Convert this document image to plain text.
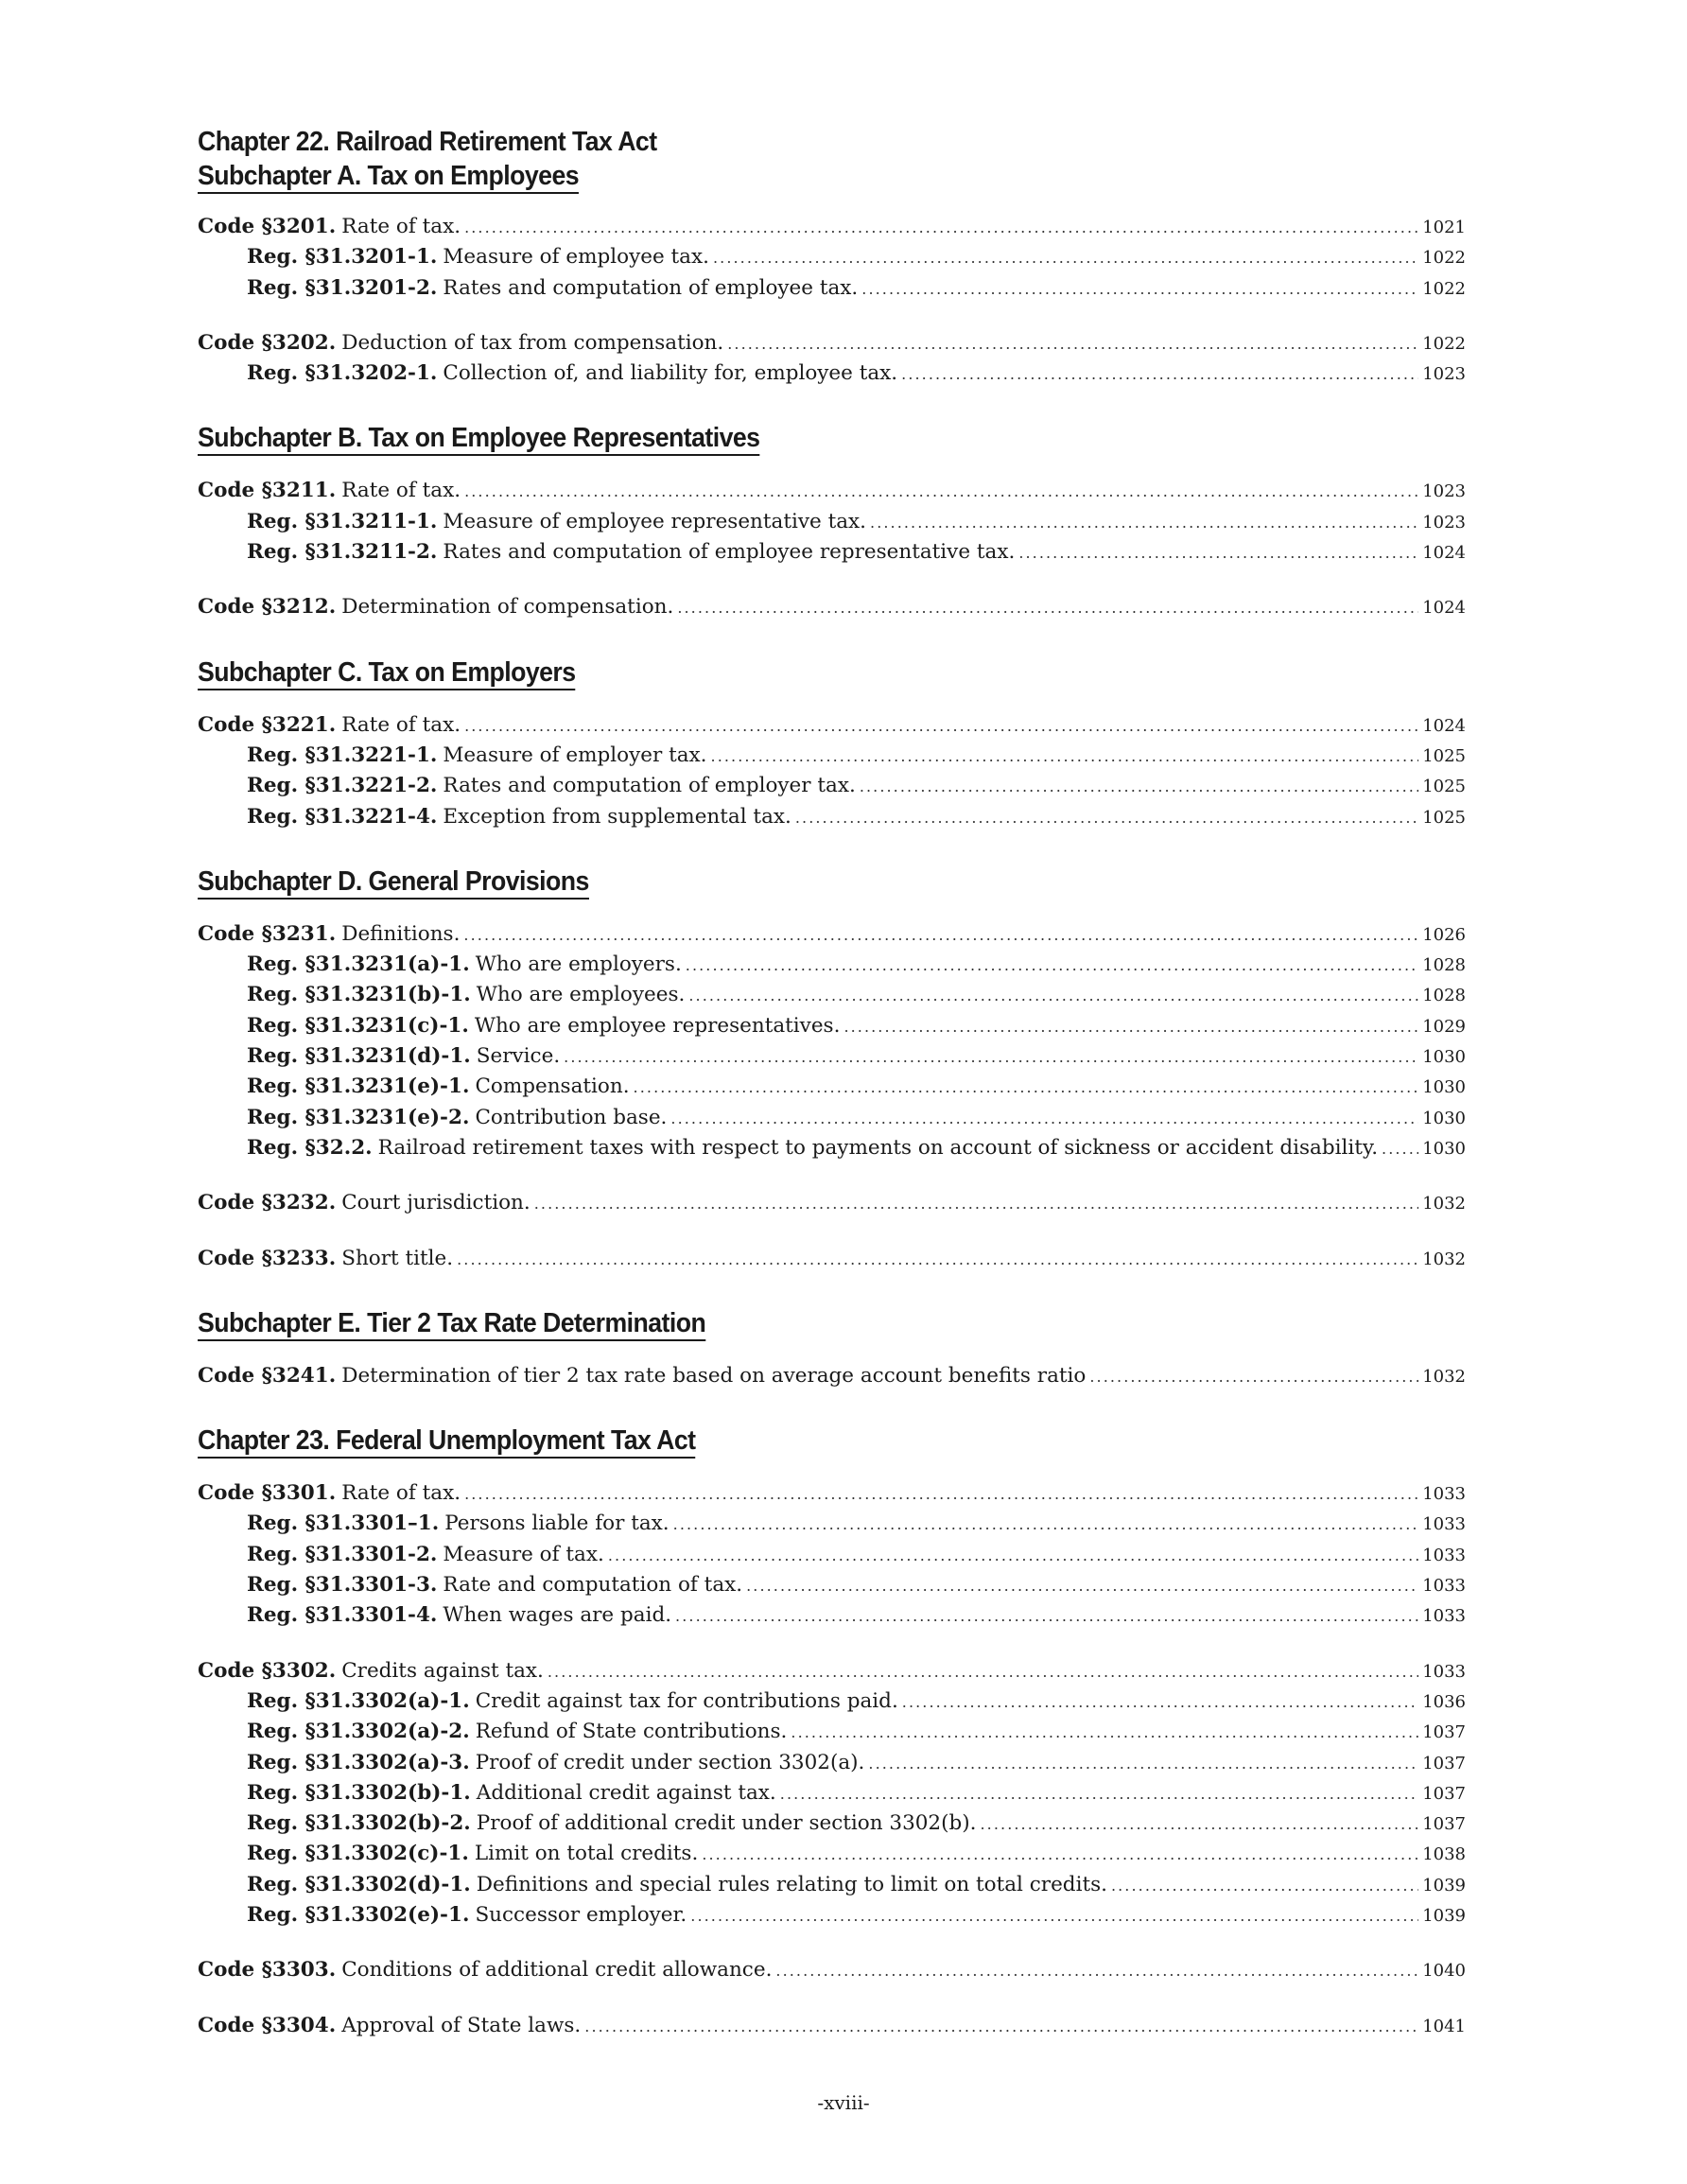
Chapter 22. Railroad Retirement Tax Act
Subchapter A. Tax on Employees
Code §3201. Rate of tax. . . .	1021
Reg. §31.3201-1. Measure of employee tax. . . .	1022
Reg. §31.3201-2. Rates and computation of employee tax. . . .	1022
Code §3202. Deduction of tax from compensation. . . .	1022
Reg. §31.3202-1. Collection of, and liability for, employee tax. . . .	1023
Subchapter B. Tax on Employee Representatives
Code §3211. Rate of tax. . . .	1023
Reg. §31.3211-1. Measure of employee representative tax. . . .	1023
Reg. §31.3211-2. Rates and computation of employee representative tax. . . .	1024
Code §3212. Determination of compensation. . . .	1024
Subchapter C. Tax on Employers
Code §3221. Rate of tax. . . .	1024
Reg. §31.3221-1. Measure of employer tax. . . .	1025
Reg. §31.3221-2. Rates and computation of employer tax. . . .	1025
Reg. §31.3221-4. Exception from supplemental tax. . . .	1025
Subchapter D. General Provisions
Code §3231. Definitions. . . .	1026
Reg. §31.3231(a)-1. Who are employers. . . .	1028
Reg. §31.3231(b)-1. Who are employees. . . .	1028
Reg. §31.3231(c)-1. Who are employee representatives. . . .	1029
Reg. §31.3231(d)-1. Service. . . .	1030
Reg. §31.3231(e)-1. Compensation. . . .	1030
Reg. §31.3231(e)-2. Contribution base. . . .	1030
Reg. §32.2. Railroad retirement taxes with respect to payments on account of sickness or accident disability. . . .	1030
Code §3232. Court jurisdiction. . . .	1032
Code §3233. Short title. . . .	1032
Subchapter E. Tier 2 Tax Rate Determination
Code §3241. Determination of tier 2 tax rate based on average account benefits ratio . . .	1032
Chapter 23. Federal Unemployment Tax Act
Code §3301. Rate of tax. . . .	1033
Reg. §31.3301–1. Persons liable for tax. . . .	1033
Reg. §31.3301-2. Measure of tax. . . .	1033
Reg. §31.3301-3. Rate and computation of tax. . . .	1033
Reg. §31.3301-4. When wages are paid. . . .	1033
Code §3302. Credits against tax. . . .	1033
Reg. §31.3302(a)-1. Credit against tax for contributions paid. . . .	1036
Reg. §31.3302(a)-2. Refund of State contributions. . . .	1037
Reg. §31.3302(a)-3. Proof of credit under section 3302(a). . . .	1037
Reg. §31.3302(b)-1. Additional credit against tax. . . .	1037
Reg. §31.3302(b)-2. Proof of additional credit under section 3302(b). . . .	1037
Reg. §31.3302(c)-1. Limit on total credits. . . .	1038
Reg. §31.3302(d)-1. Definitions and special rules relating to limit on total credits. . . .	1039
Reg. §31.3302(e)-1. Successor employer. . . .	1039
Code §3303. Conditions of additional credit allowance. . . .	1040
Code §3304. Approval of State laws. . . .	1041
-xviii-
